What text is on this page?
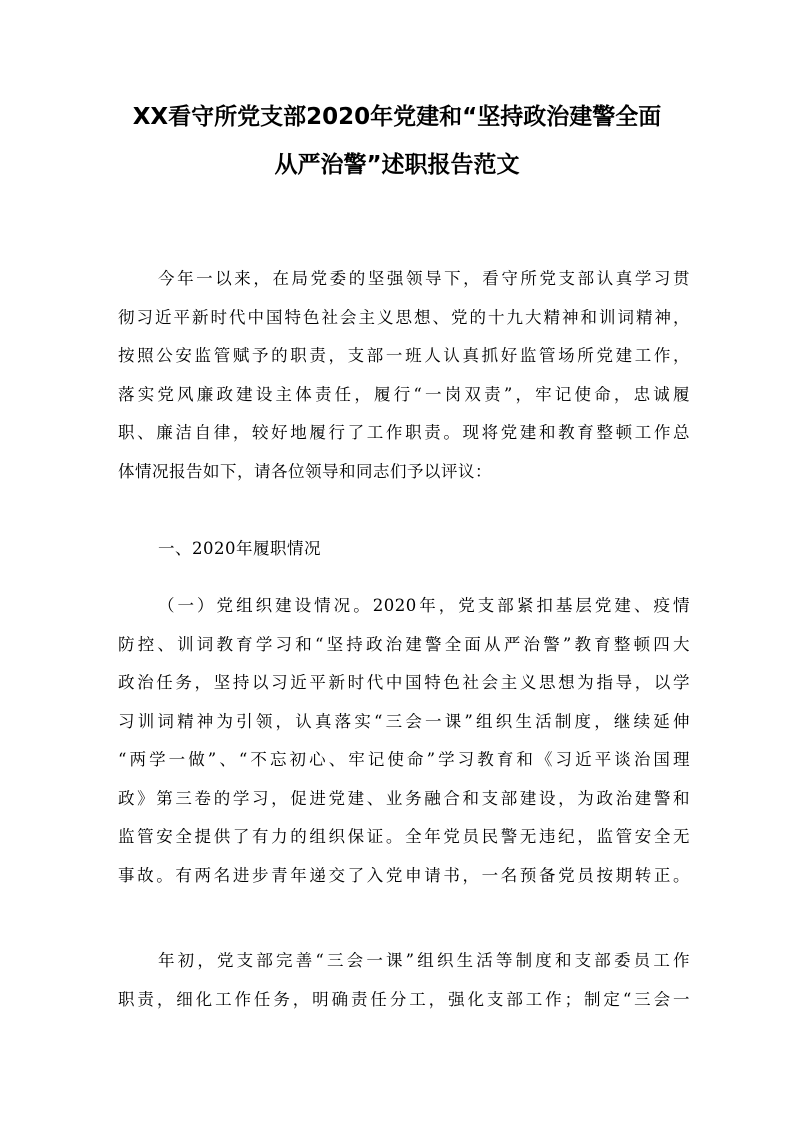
XX看守所党支部2020年党建和“坚持政治建警全面
从严治警”述职报告范文
今年一以来，在局党委的坚强领导下，看守所党支部认真学习贯
彻习近平新时代中国特色社会主义思想、党的十九大精神和训词精神，
按照公安监管赋予的职责，支部一班人认真抓好监管场所党建工作，
落实党风廉政建设主体责任，履行“一岗双责”，牢记使命，忠诚履
职、廉洁自律，较好地履行了工作职责。现将党建和教育整顿工作总
体情况报告如下，请各位领导和同志们予以评议：
一、2020年履职情况
（一）党组织建设情况。2020年，党支部紧扣基层党建、疫情
防控、训词教育学习和“坚持政治建警全面从严治警”教育整顿四大
政治任务，坚持以习近平新时代中国特色社会主义思想为指导，以学
习训词精神为引领，认真落实“三会一课”组织生活制度，继续延伸
“两学一做”、“不忘初心、牢记使命”学习教育和《习近平谈治国理
政》第三卷的学习，促进党建、业务融合和支部建设，为政治建警和
监管安全提供了有力的组织保证。全年党员民警无违纪，监管安全无
事故。有两名进步青年递交了入党申请书，一名预备党员按期转正。
年初，党支部完善“三会一课”组织生活等制度和支部委员工作
职责，细化工作任务，明确责任分工，强化支部工作；制定“三会一
